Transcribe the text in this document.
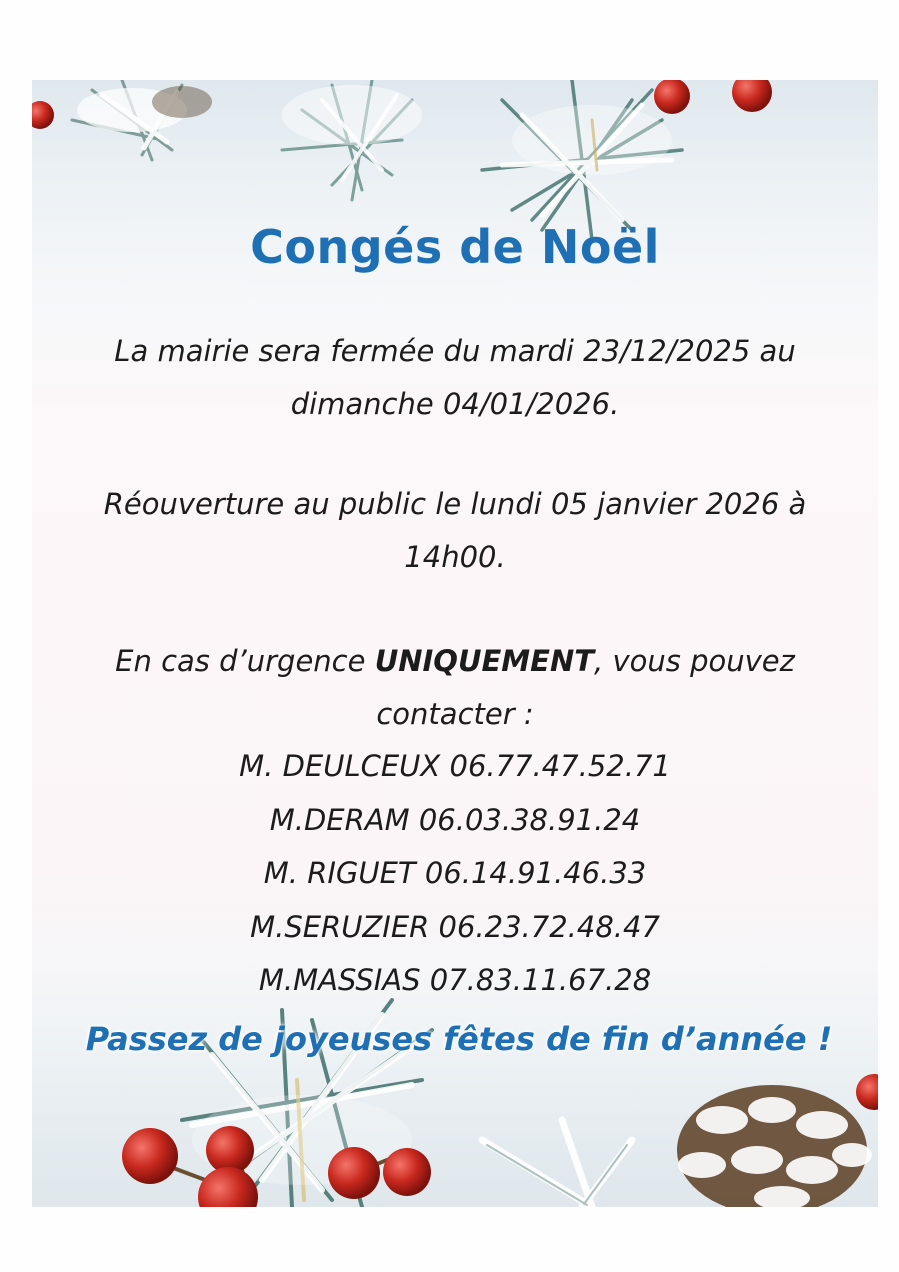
Congés de Noël
La mairie sera fermée du mardi 23/12/2025 au
dimanche 04/01/2026.
Réouverture au public le lundi 05 janvier 2026 à
14h00.
En cas d’urgence UNIQUEMENT, vous pouvez
contacter :
M. DEULCEUX 06.77.47.52.71
M.DERAM 06.03.38.91.24
M. RIGUET 06.14.91.46.33
M.SERUZIER 06.23.72.48.47
M.MASSIAS 07.83.11.67.28
Passez de joyeuses fêtes de fin d’année !
